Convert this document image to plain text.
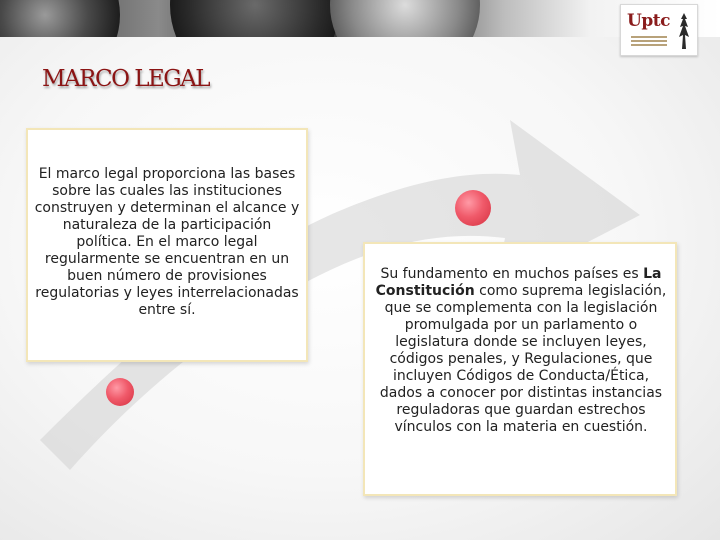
Uptc
MARCO LEGAL

El marco legal proporciona las bases sobre las cuales las instituciones construyen y determinan el alcance y naturaleza de la participación política. En el marco legal regularmente se encuentran en un buen número de provisiones regulatorias y leyes interrelacionadas entre sí.

Su fundamento en muchos países es La Constitución como suprema legislación, que se complementa con la legislación promulgada por un parlamento o legislatura donde se incluyen leyes, códigos penales, y Regulaciones, que incluyen Códigos de Conducta/Ética, dados a conocer por distintas instancias reguladoras que guardan estrechos vínculos con la materia en cuestión.
